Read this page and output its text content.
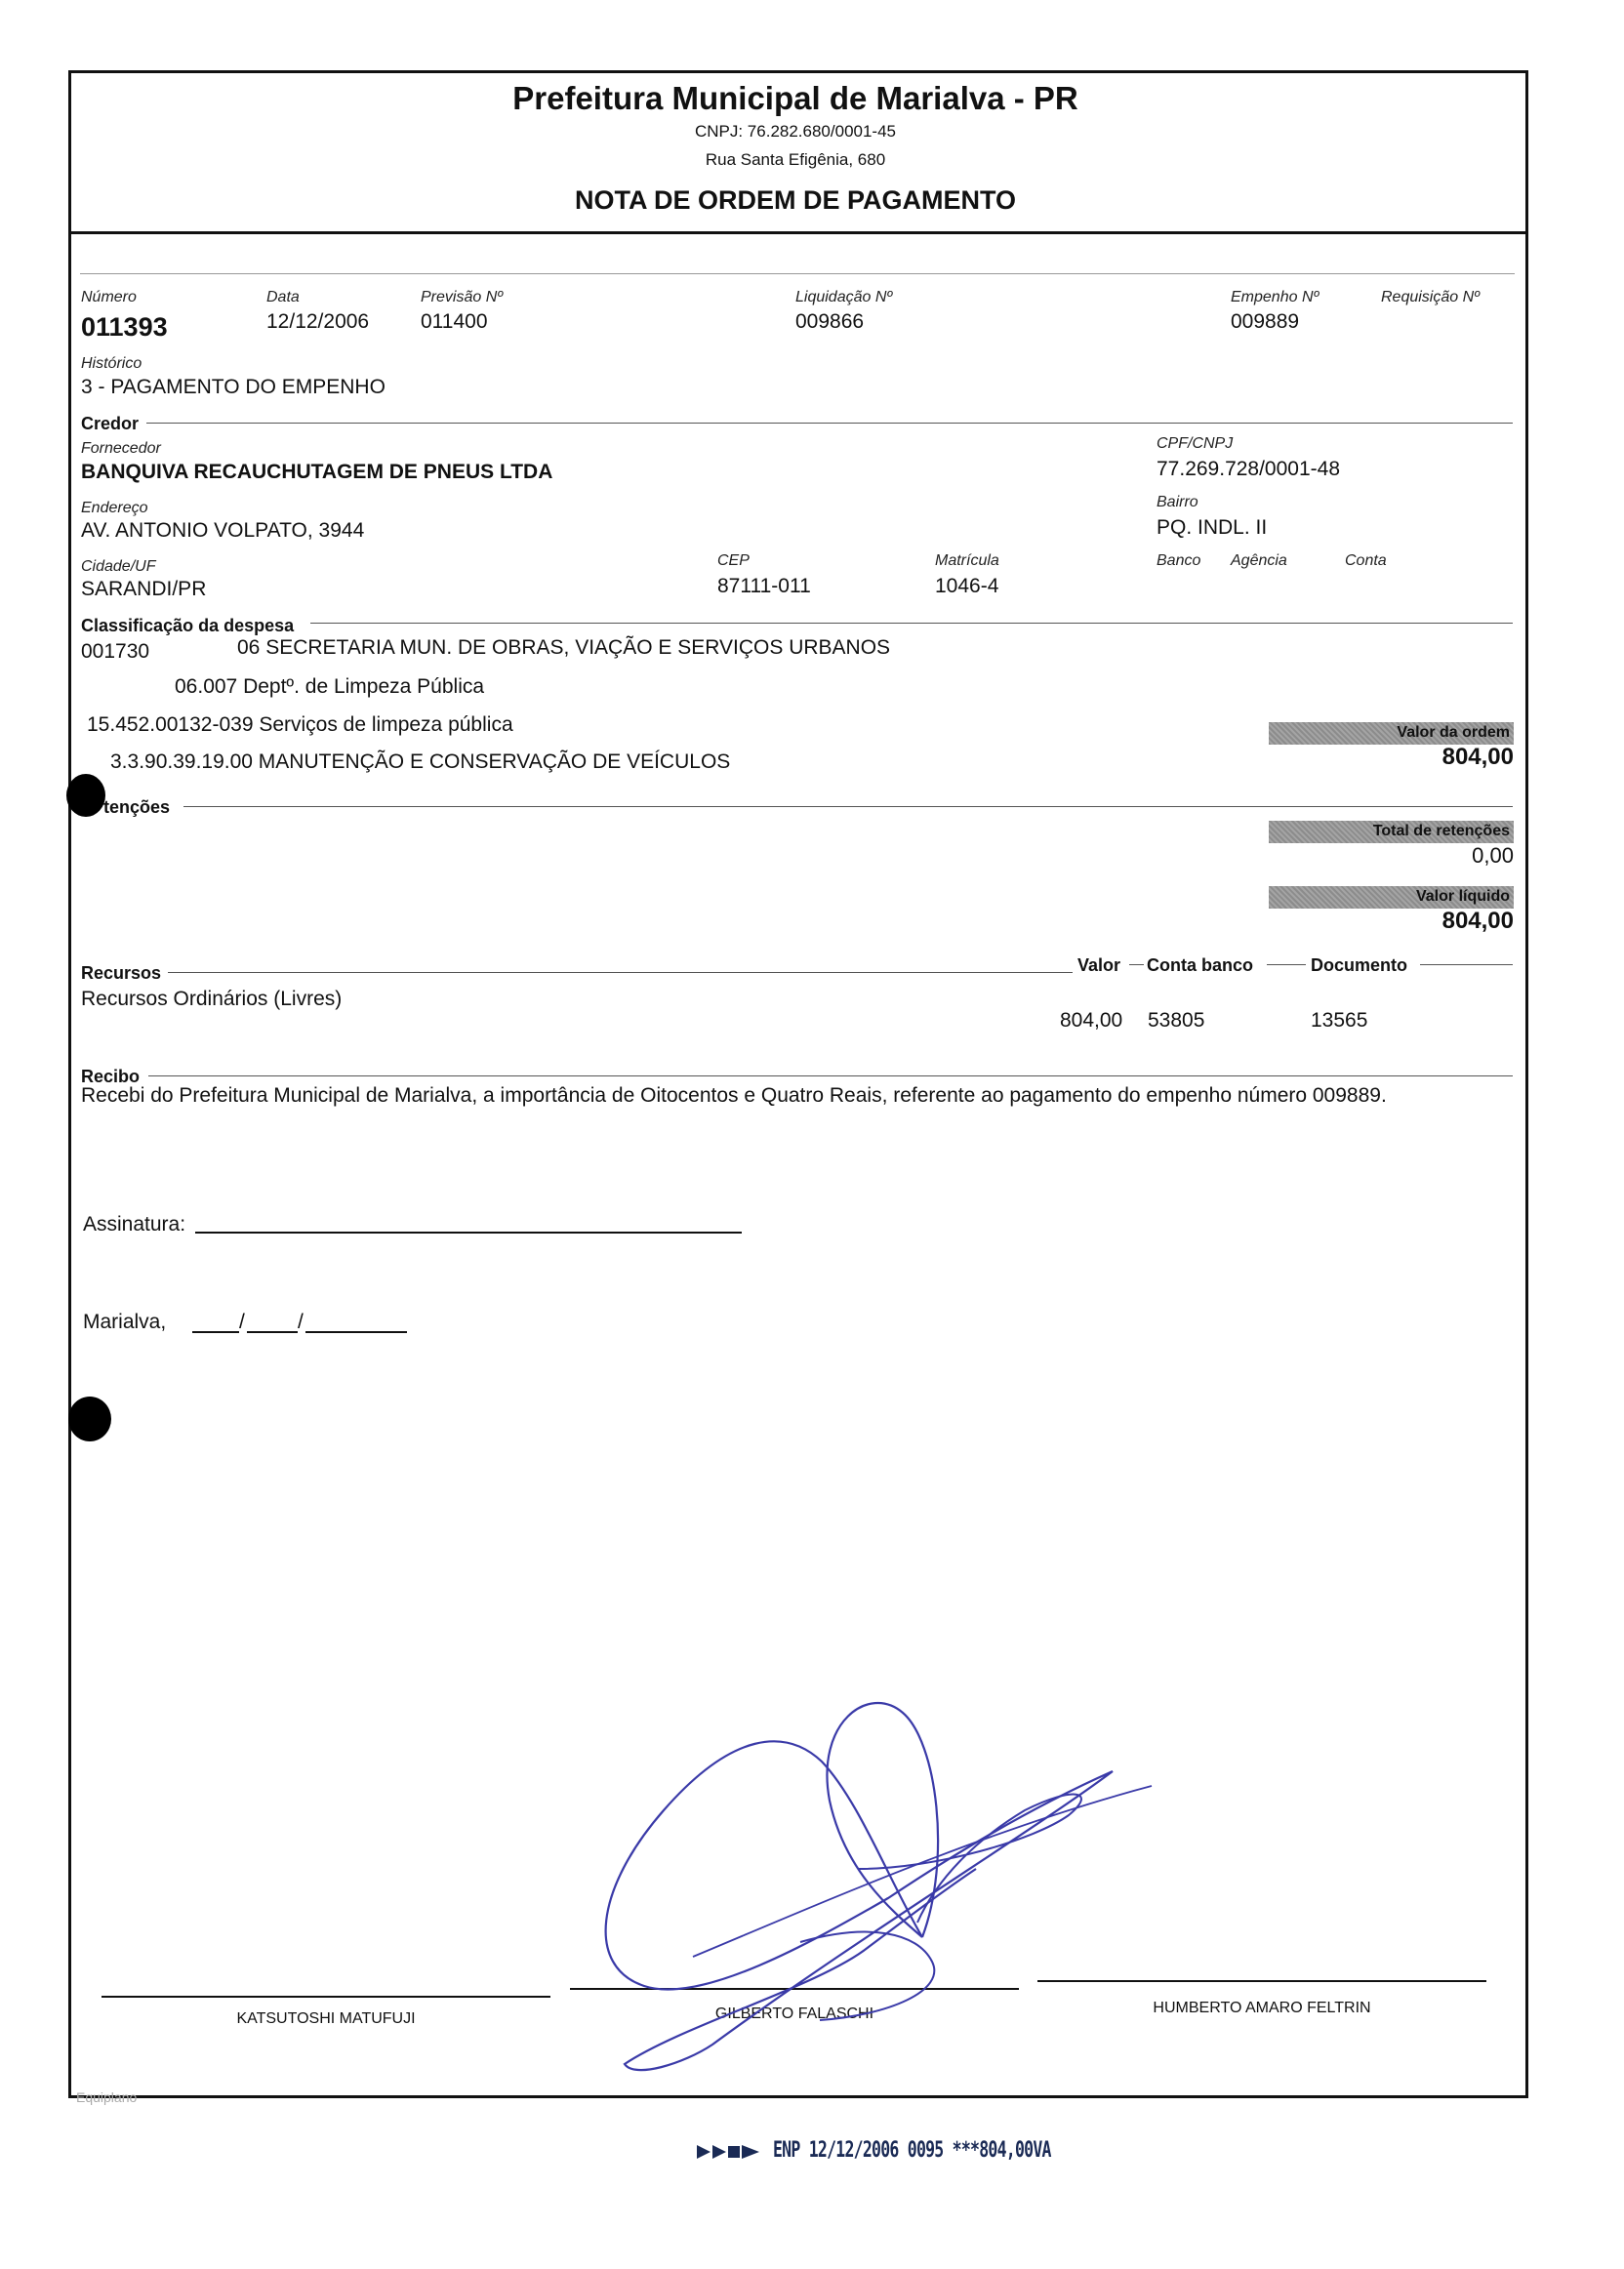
Prefeitura Municipal de Marialva - PR
CNPJ: 76.282.680/0001-45
Rua Santa Efigênia, 680
NOTA DE ORDEM DE PAGAMENTO
Número
011393
Data
12/12/2006
Previsão Nº
011400
Liquidação Nº
009866
Empenho Nº
009889
Requisição Nº
Histórico
3 - PAGAMENTO DO EMPENHO
Credor
Fornecedor
BANQUIVA RECAUCHUTAGEM DE PNEUS LTDA
CPF/CNPJ
77.269.728/0001-48
Endereço
AV. ANTONIO VOLPATO, 3944
Bairro
PQ. INDL. II
Cidade/UF
SARANDI/PR
CEP
87111-011
Matrícula
1046-4
Banco Agência	Conta
Classificação da despesa
001730	06 SECRETARIA MUN. DE OBRAS, VIAÇÃO E SERVIÇOS URBANOS
06.007 Deptº. de Limpeza Pública
15.452.00132-039 Serviços de limpeza pública
3.3.90.39.19.00 MANUTENÇÃO E CONSERVAÇÃO DE VEÍCULOS
Valor da ordem
804,00
Total de retenções
0,00
Valor líquido
804,00
tenções
Recursos	Valor Conta banco	Documento
Recursos Ordinários (Livres)
804,00 53805	13565
Recibo
Recebi do Prefeitura Municipal de Marialva, a importância de Oitocentos e Quatro Reais, referente ao pagamento do empenho número 009889.
Assinatura:
Marialva,	/	/
KATSUTOSHI MATUFUJI	GILBERTO FALASCHI	HUMBERTO AMARO FELTRIN
Equiplano
ENP 12/12/2006 0095 ***804,00VA
